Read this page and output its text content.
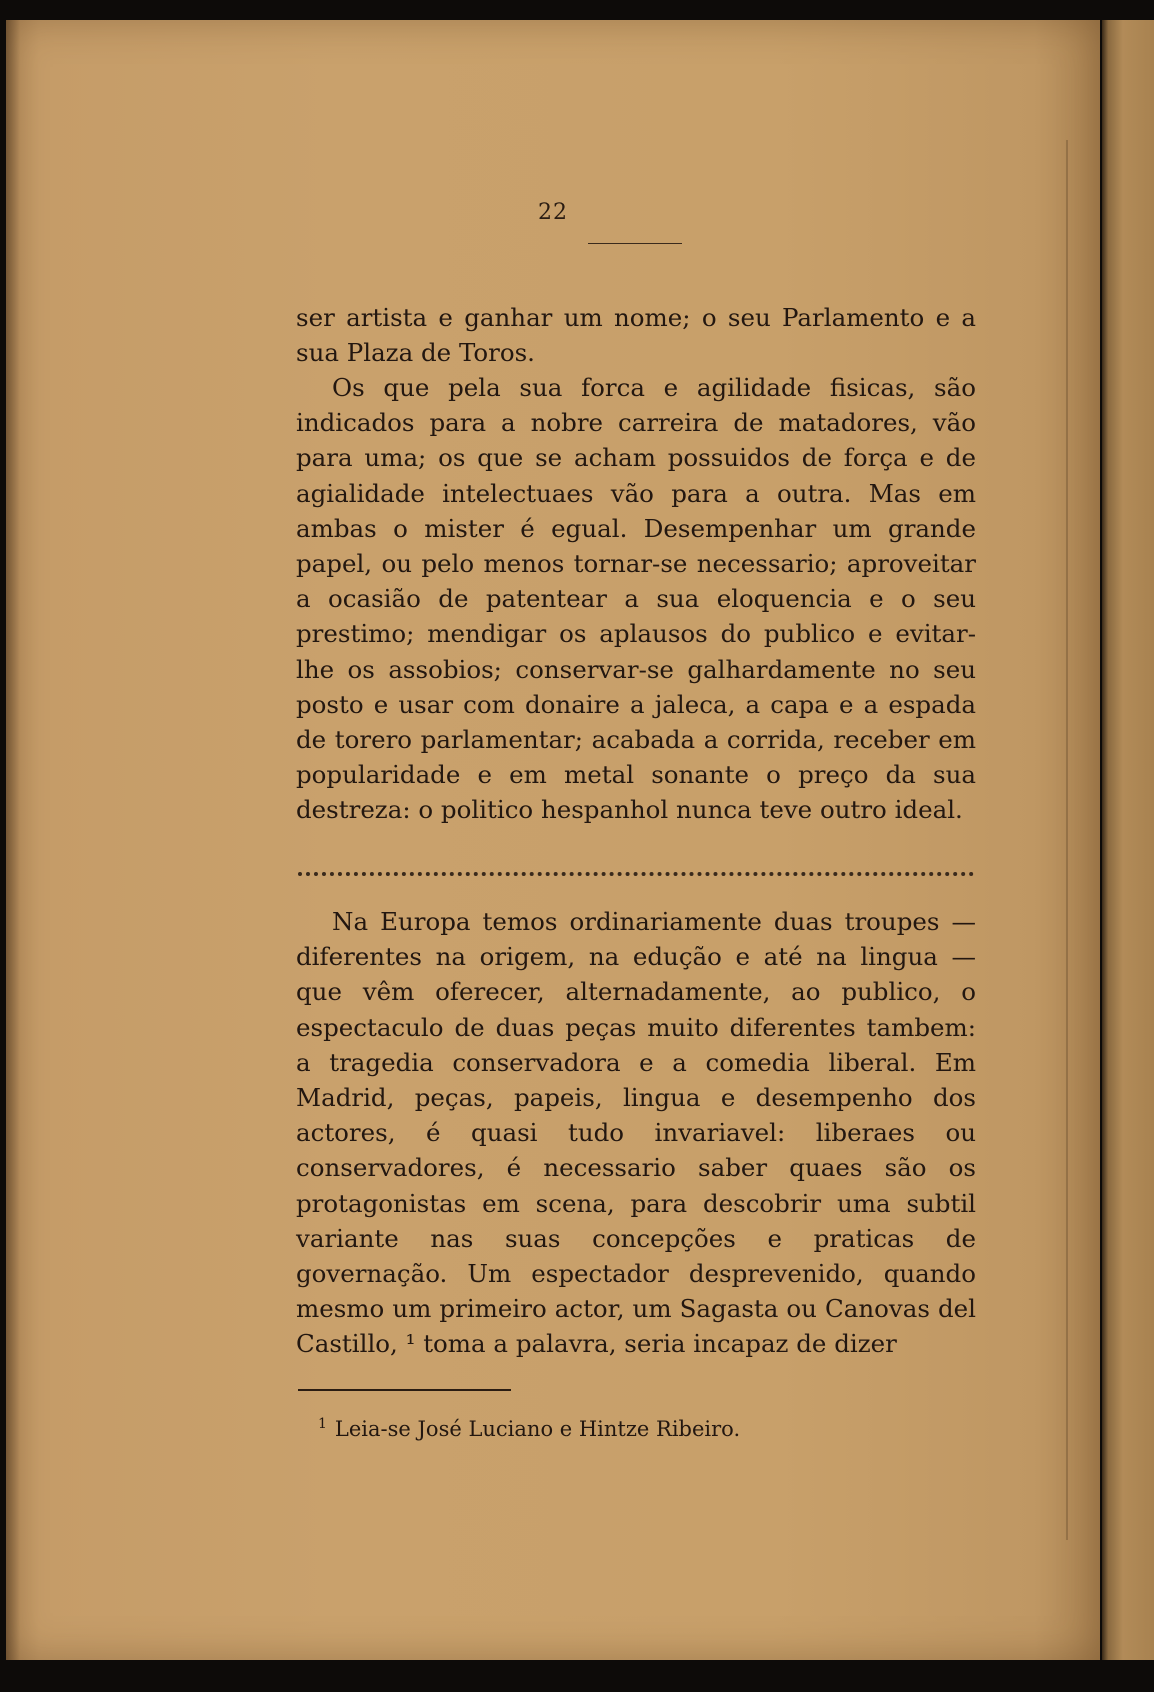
22

ser artista e ganhar um nome; o seu Parlamento e a sua Plaza de Toros.

Os que pela sua forca e agilidade fisicas, são indicados para a nobre carreira de matadores, vão para uma; os que se acham possuidos de força e de agialidade intelectuaes vão para a outra. Mas em ambas o mister é egual. Desempenhar um grande papel, ou pelo menos tornar-se necessario; aproveitar a ocasião de patentear a sua eloquencia e o seu prestimo; mendigar os aplausos do publico e evitar-lhe os assobios; conservar-se galhardamente no seu posto e usar com donaire a jaleca, a capa e a espada de torero parlamentar; acabada a corrida, receber em popularidade e em metal sonante o preço da sua destreza: o politico hespanhol nunca teve outro ideal.

Na Europa temos ordinariamente duas troupes — diferentes na origem, na edução e até na lingua — que vêm oferecer, alternadamente, ao publico, o espectaculo de duas peças muito diferentes tambem: a tragedia conservadora e a comedia liberal. Em Madrid, peças, papeis, lingua e desempenho dos actores, é quasi tudo invariavel: liberaes ou conservadores, é necessario saber quaes são os protagonistas em scena, para descobrir uma subtil variante nas suas concepções e praticas de governação. Um espectador desprevenido, quando mesmo um primeiro actor, um Sagasta ou Canovas del Castillo, ¹ toma a palavra, seria incapaz de dizer

$^1$ Leia-se José Luciano e Hintze Ribeiro.
